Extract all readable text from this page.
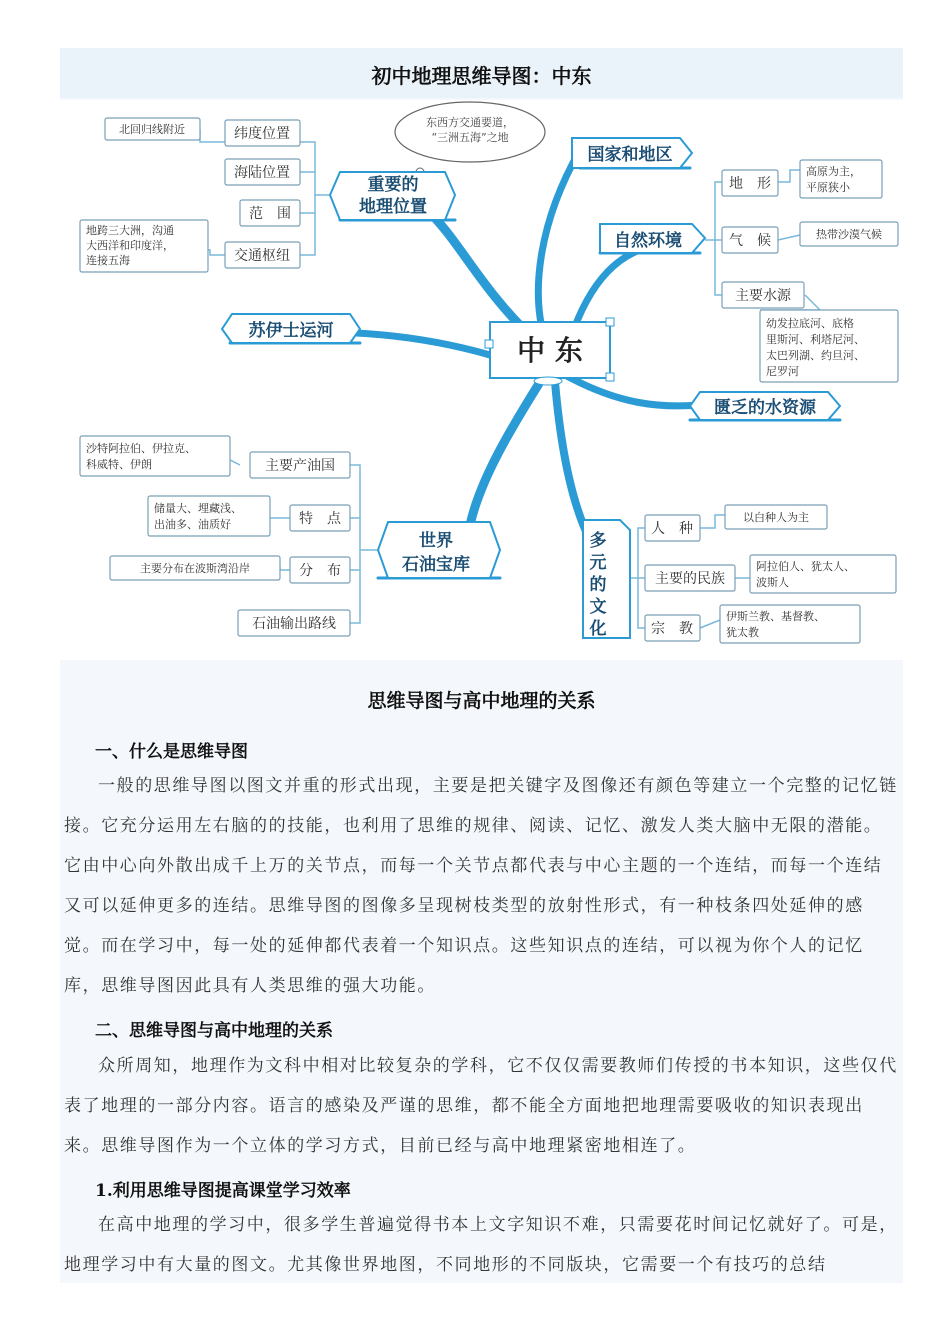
初中地理思维导图：中东
东西方交通要道，
“三洲五海”之地
中 东
重要的
地理位置
国家和地区
自然环境
苏伊士运河
匮乏的水资源
世界
石油宝库
多
元
的
文
化
纬度位置
海陆位置
范　围
交通枢纽
北回归线附近
地跨三大洲，沟通
大西洋和印度洋，
连接五海
地　形
气　候
主要水源
高原为主，
平原狭小
热带沙漠气候
幼发拉底河、底格
里斯河、利塔尼河、
太巴列湖、约旦河、
尼罗河
主要产油国
特　点
分　布
石油输出路线
沙特阿拉伯、伊拉克、
科威特、伊朗
储量大、埋藏浅、
出油多、油质好
主要分布在波斯湾沿岸
人　种
主要的民族
宗　教
以白种人为主
阿拉伯人、犹太人、
波斯人
伊斯兰教、基督教、
犹太教
思维导图与高中地理的关系
一、什么是思维导图

一般的思维导图以图文并重的形式出现，主要是把关键字及图像还有颜色等建立一个完整的记忆链接。它充分运用左右脑的的技能，也利用了思维的规律、阅读、记忆、激发人类大脑中无限的潜能。它由中心向外散出成千上万的关节点，而每一个关节点都代表与中心主题的一个连结，而每一个连结又可以延伸更多的连结。思维导图的图像多呈现树枝类型的放射性形式，有一种枝条四处延伸的感觉。而在学习中，每一处的延伸都代表着一个知识点。这些知识点的连结，可以视为你个人的记忆库，思维导图因此具有人类思维的强大功能。

二、思维导图与高中地理的关系

众所周知，地理作为文科中相对比较复杂的学科，它不仅仅需要教师们传授的书本知识，这些仅代表了地理的一部分内容。语言的感染及严谨的思维，都不能全方面地把地理需要吸收的知识表现出来。思维导图作为一个立体的学习方式，目前已经与高中地理紧密地相连了。

1.利用思维导图提高课堂学习效率

在高中地理的学习中，很多学生普遍觉得书本上文字知识不难，只需要花时间记忆就好了。可是，地理学习中有大量的图文。尤其像世界地图，不同地形的不同版块，它需要一个有技巧的总结
